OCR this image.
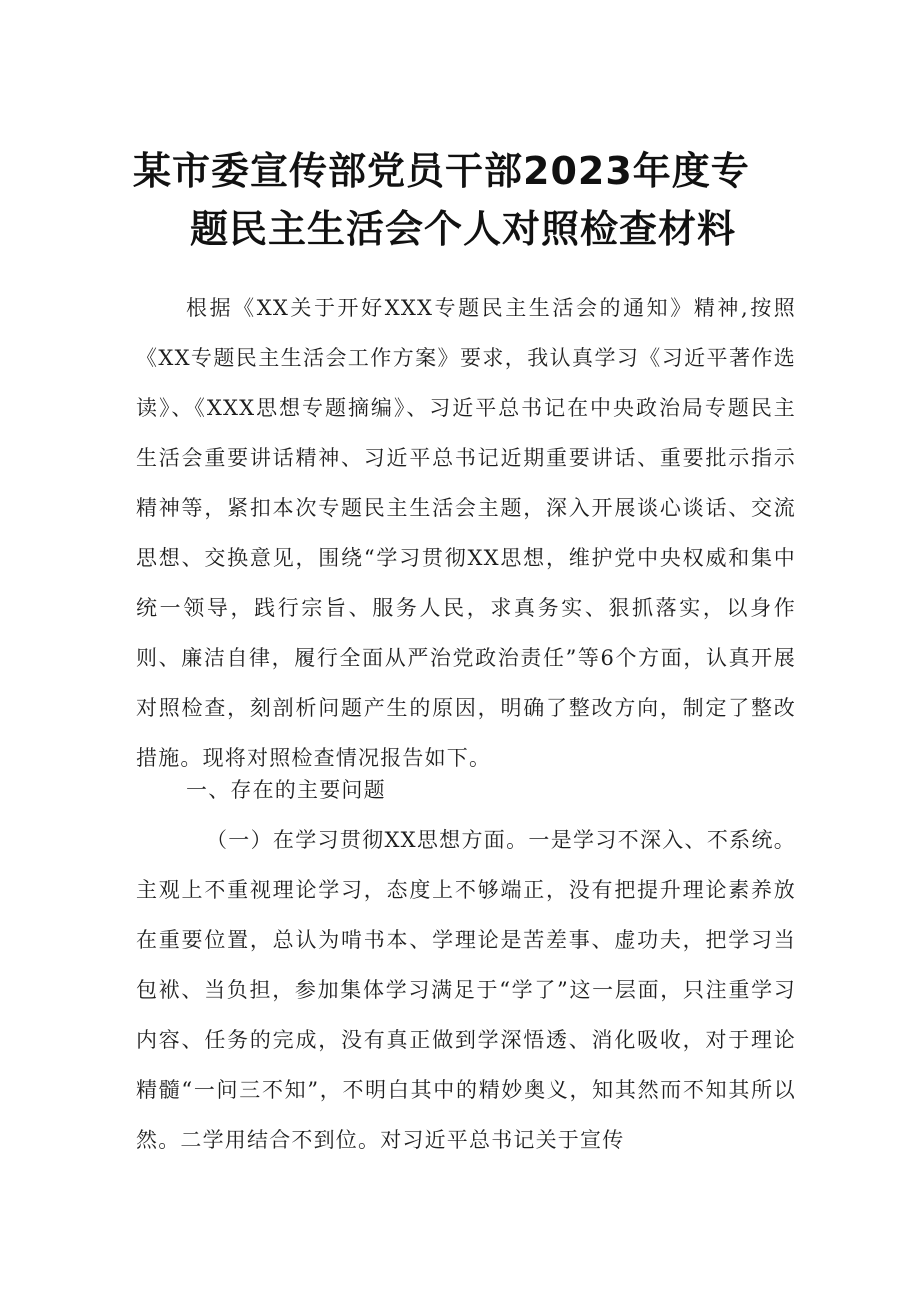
某市委宣传部党员干部2023年度专
题民主生活会个人对照检查材料
根据《XX关于开好XXX专题民主生活会的通知》精神,按照《XX专题民主生活会工作方案》要求，我认真学习《习近平著作选读》、《XXX思想专题摘编》、习近平总书记在中央政治局专题民主生活会重要讲话精神、习近平总书记近期重要讲话、重要批示指示精神等，紧扣本次专题民主生活会主题，深入开展谈心谈话、交流思想、交换意见，围绕“学习贯彻XX思想，维护党中央权威和集中统一领导，践行宗旨、服务人民，求真务实、狠抓落实，以身作则、廉洁自律，履行全面从严治党政治责任”等6个方面，认真开展对照检查，刻剖析问题产生的原因，明确了整改方向，制定了整改措施。现将对照检查情况报告如下。
一、存在的主要问题
（一）在学习贯彻XX思想方面。一是学习不深入、不系统。主观上不重视理论学习，态度上不够端正，没有把提升理论素养放在重要位置，总认为啃书本、学理论是苦差事、虚功夫，把学习当包袱、当负担，参加集体学习满足于“学了”这一层面，只注重学习内容、任务的完成，没有真正做到学深悟透、消化吸收，对于理论精髓“一问三不知”，不明白其中的精妙奥义，知其然而不知其所以然。二学用结合不到位。对习近平总书记关于宣传
